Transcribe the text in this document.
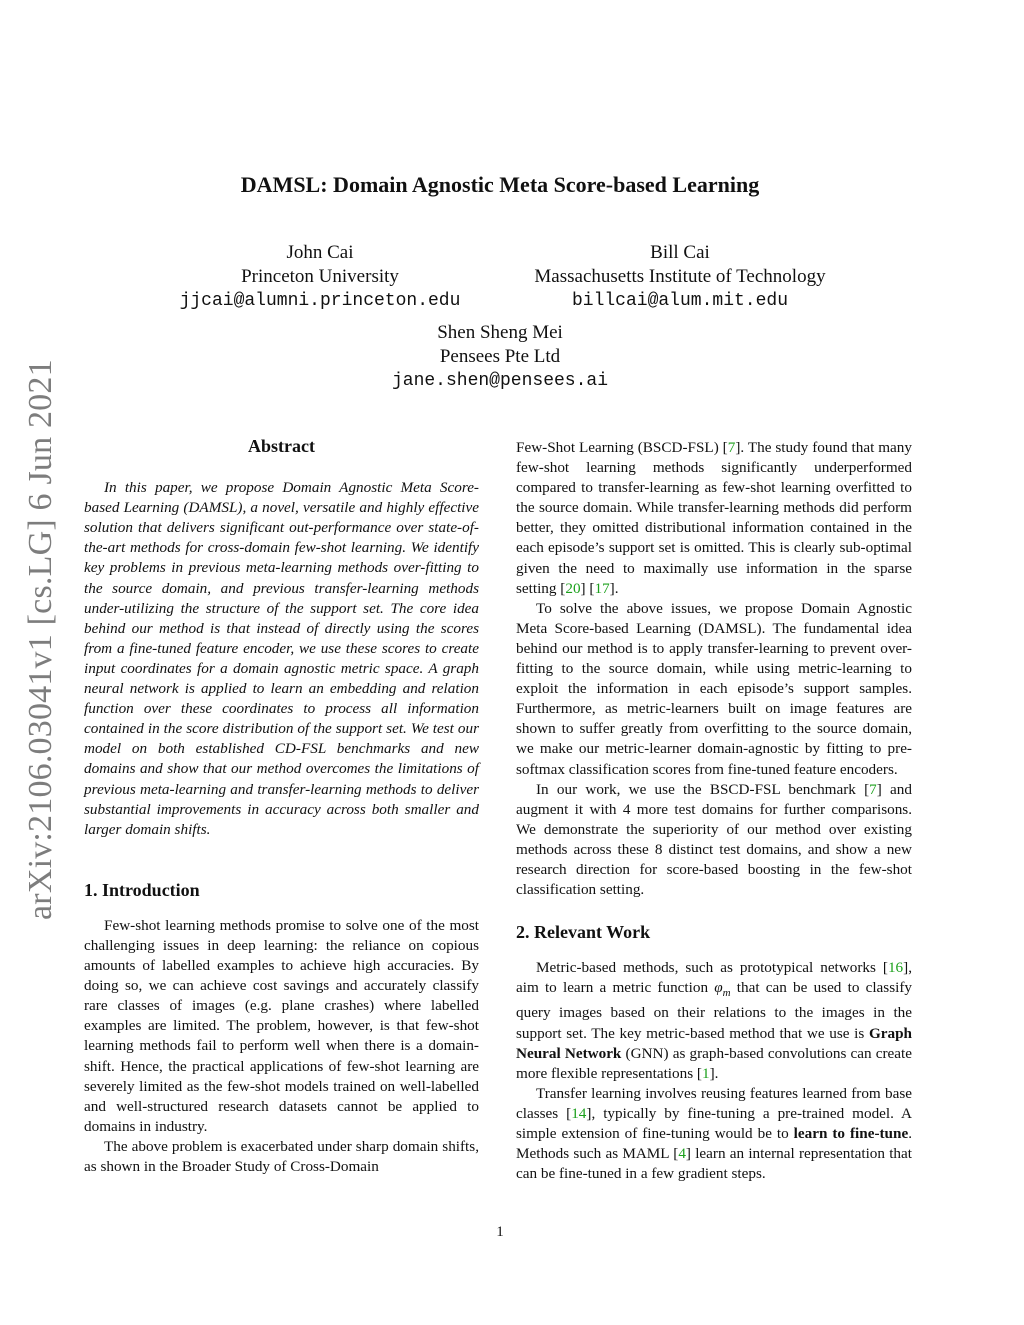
arXiv:2106.03041v1 [cs.LG] 6 Jun 2021
DAMSL: Domain Agnostic Meta Score-based Learning
John Cai
Princeton University
jjcai@alumni.princeton.edu
Bill Cai
Massachusetts Institute of Technology
billcai@alum.mit.edu
Shen Sheng Mei
Pensees Pte Ltd
jane.shen@pensees.ai
Abstract

In this paper, we propose Domain Agnostic Meta Score-based Learning (DAMSL), a novel, versatile and highly effective solution that delivers significant out-performance over state-of-the-art methods for cross-domain few-shot learning. We identify key problems in previous meta-learning methods over-fitting to the source domain, and previous transfer-learning methods under-utilizing the structure of the support set. The core idea behind our method is that instead of directly using the scores from a fine-tuned feature encoder, we use these scores to create input coordinates for a domain agnostic metric space. A graph neural network is applied to learn an embedding and relation function over these coordinates to process all information contained in the score distribution of the support set. We test our model on both established CD-FSL benchmarks and new domains and show that our method overcomes the limitations of previous meta-learning and transfer-learning methods to deliver substantial improvements in accuracy across both smaller and larger domain shifts.

1. Introduction

Few-shot learning methods promise to solve one of the most challenging issues in deep learning: the reliance on copious amounts of labelled examples to achieve high accuracies. By doing so, we can achieve cost savings and accurately classify rare classes of images (e.g. plane crashes) where labelled examples are limited. The problem, however, is that few-shot learning methods fail to perform well when there is a domain-shift. Hence, the practical applications of few-shot learning are severely limited as the few-shot models trained on well-labelled and well-structured research datasets cannot be applied to domains in industry.

The above problem is exacerbated under sharp domain shifts, as shown in the Broader Study of Cross-Domain

Few-Shot Learning (BSCD-FSL) [7]. The study found that many few-shot learning methods significantly underperformed compared to transfer-learning as few-shot learning overfitted to the source domain. While transfer-learning methods did perform better, they omitted distributional information contained in the each episode’s support set is omitted. This is clearly sub-optimal given the need to maximally use information in the sparse setting [20] [17].

To solve the above issues, we propose Domain Agnostic Meta Score-based Learning (DAMSL). The fundamental idea behind our method is to apply transfer-learning to prevent over-fitting to the source domain, while using metric-learning to exploit the information in each episode’s support samples. Furthermore, as metric-learners built on image features are shown to suffer greatly from overfitting to the source domain, we make our metric-learner domain-agnostic by fitting to pre-softmax classification scores from fine-tuned feature encoders.

In our work, we use the BSCD-FSL benchmark [7] and augment it with 4 more test domains for further comparisons. We demonstrate the superiority of our method over existing methods across these 8 distinct test domains, and show a new research direction for score-based boosting in the few-shot classification setting.

2. Relevant Work

Metric-based methods, such as prototypical networks [16], aim to learn a metric function $\varphi_m$ that can be used to classify query images based on their relations to the images in the support set. The key metric-based method that we use is Graph Neural Network (GNN) as graph-based convolutions can create more flexible representations [1].

Transfer learning involves reusing features learned from base classes [14], typically by fine-tuning a pre-trained model. A simple extension of fine-tuning would be to learn to fine-tune. Methods such as MAML [4] learn an internal representation that can be fine-tuned in a few gradient steps.

1
